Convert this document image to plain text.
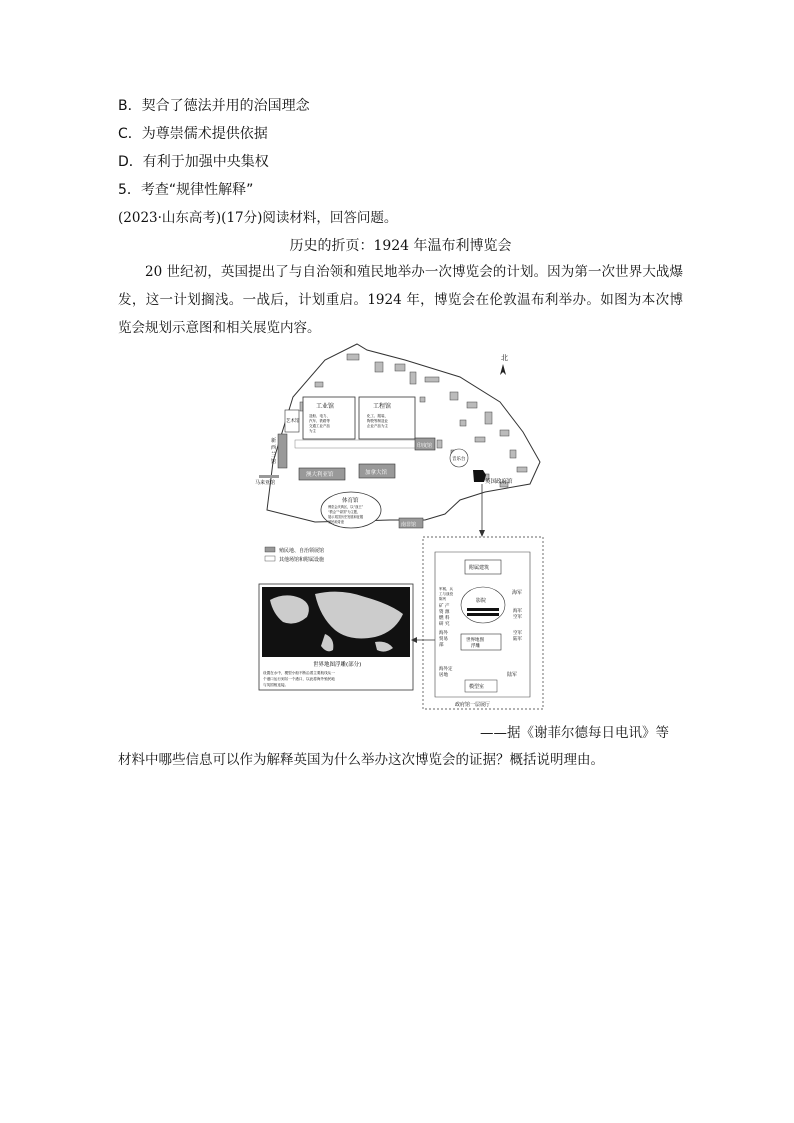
B．契合了德法并用的治国理念
C．为尊崇儒术提供依据
D．有利于加强中央集权
5．考查“规律性解释”
(2023·山东高考)(17分)阅读材料，回答问题。
历史的折页：1924 年温布利博览会
20 世纪初，英国提出了与自治领和殖民地举办一次博览会的计划。因为第一次世界大战爆发，这一计划搁浅。一战后，计划重启。1924 年，博览会在伦敦温布利举办。如图为本次博览会规划示意图和相关展览内容。
北
工业馆
造船、电力、
汽车、铁路等
交通工业产品
为主
工程馆
化工、服装、
陶瓷等制造业
企业产品为主
艺术馆
新
西
兰
馆
马来亚馆
澳大利亚馆	加拿大馆
印度馆
音乐台
英国政府馆
体育馆
博览会庆典区，以“战王”
“教会”“帝国”为主题，
展示英国历史发展和征服
殖民地奇迹	南非馆
殖民地、自治领展馆
其他场馆和附属设施
世界地图浮雕(部分)
设置在水中，模型小船不断沿着主要航线从一
个港口运行到另一个港口，以此将海外殖民地
与英国相连接。
附属建筑
影院
海军
海军
空军
空军
陆军
陆军
军械、兵
工与战役
陈列
矿 产
资 源
燃 料
研 究
海外
贸易
部
世界地图
浮雕
海外定
居地
模型室
政府馆一层展厅
——据《谢菲尔德每日电讯》等
材料中哪些信息可以作为解释英国为什么举办这次博览会的证据？概括说明理由。
